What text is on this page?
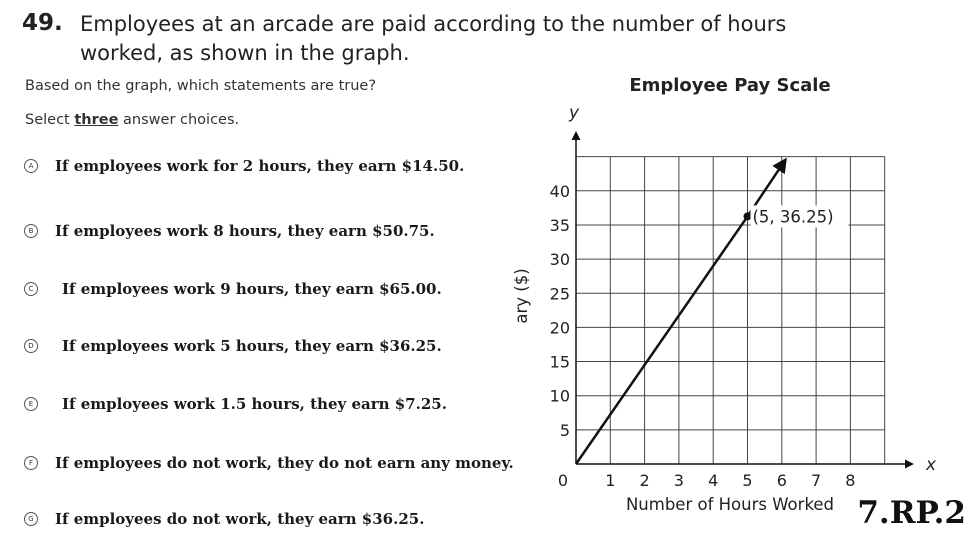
49. Employees at an arcade are paid according to the number of hours worked, as shown in the graph.
Based on the graph, which statements are true?
Select three answer choices.
A	If employees work for 2 hours, they earn $14.50.
B	If employees work 8 hours, they earn $50.75.
C	If employees work 9 hours, they earn $65.00.
D If employees work 5 hours, they earn $36.25.
E	If employees work 1.5 hours, they earn $7.25.
F	If employees do not work, they do not earn any money.
G If employees do not work, they earn $36.25.
x
y
0 1 2 3 4 5 6 7 8
5
10
15
20
25
30
35
40
Number of Hours Worked
ary ($)
Employee Pay Scale
(5, 36.25)
7.RP.2
